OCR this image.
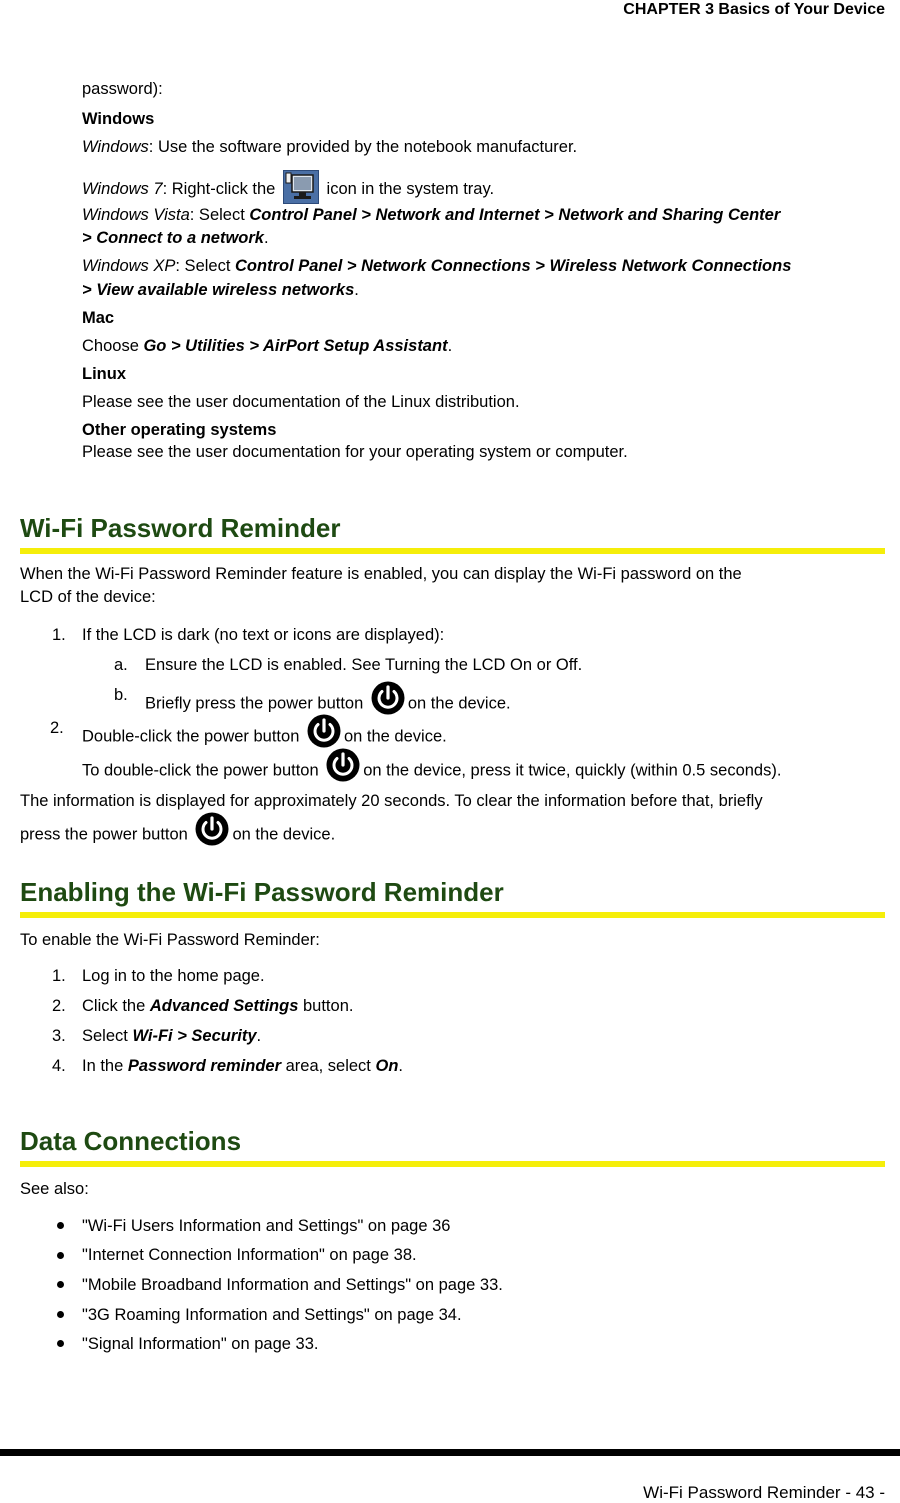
CHAPTER 3 Basics of Your Device
password):
Windows
Windows: Use the software provided by the notebook manufacturer.
Windows 7: Right-click the	icon in the system tray.
Windows Vista: Select Control Panel > Network and Internet > Network and Sharing Center
> Connect to a network.
Windows XP: Select Control Panel > Network Connections > Wireless Network Connections
> View available wireless networks.
Mac
Choose Go > Utilities > AirPort Setup Assistant.
Linux
Please see the user documentation of the Linux distribution.
Other operating systems
Please see the user documentation for your operating system or computer.
Wi-Fi Password Reminder
When the Wi-Fi Password Reminder feature is enabled, you can display the Wi-Fi password on the
LCD of the device:
1. If the LCD is dark (no text or icons are displayed):
a. Ensure the LCD is enabled. See Turning the LCD On or Off.
b. Briefly press the power button	on the device.
2. Double-click the power button	on the device.
To double-click the power button	on the device, press it twice, quickly (within 0.5 seconds).
The information is displayed for approximately 20 seconds. To clear the information before that, briefly
press the power button	on the device.
Enabling the Wi-Fi Password Reminder
To enable the Wi-Fi Password Reminder:
1. Log in to the home page.
2. Click the Advanced Settings button.
3. Select Wi-Fi > Security.
4. In the Password reminder area, select On.
Data Connections
See also:
"Wi-Fi Users Information and Settings" on page 36
"Internet Connection Information" on page 38.
"Mobile Broadband Information and Settings" on page 33.
"3G Roaming Information and Settings" on page 34.
"Signal Information" on page 33.
Wi-Fi Password Reminder - 43 -
